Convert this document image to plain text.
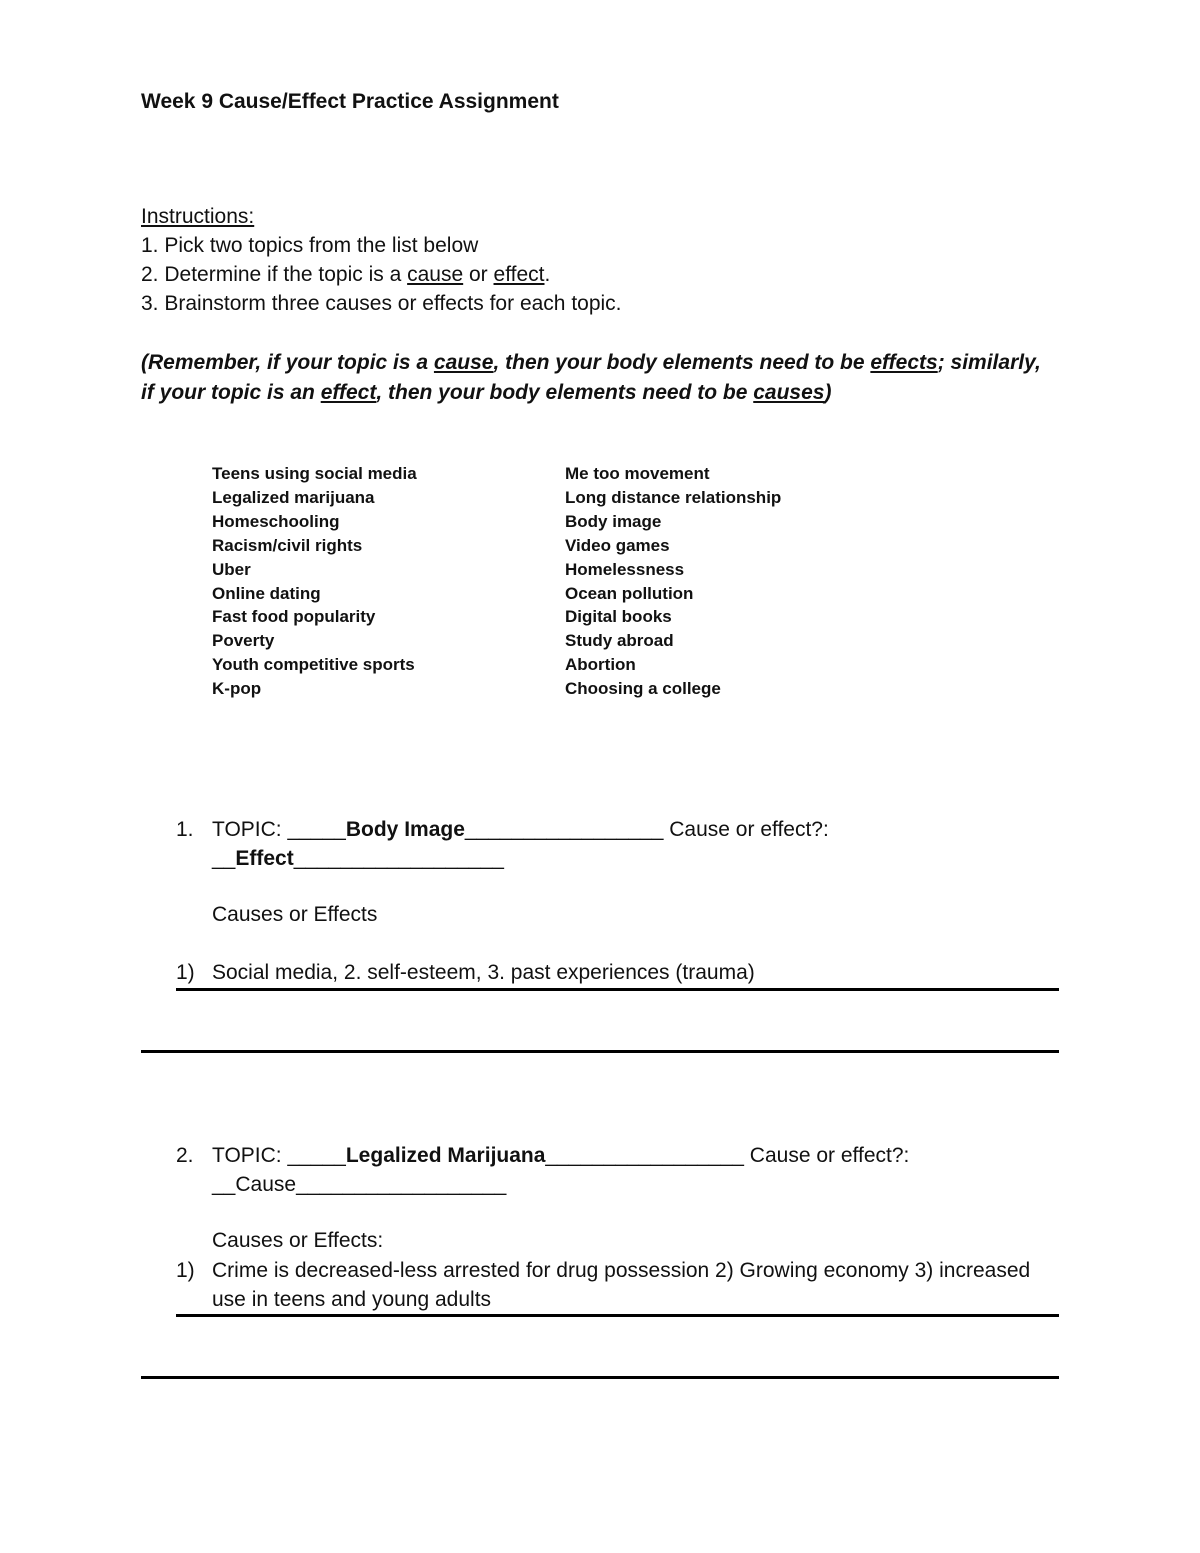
Week 9 Cause/Effect Practice Assignment
Instructions:
1. Pick two topics from the list below
2. Determine if the topic is a cause or effect.
3. Brainstorm three causes or effects for each topic.
(Remember, if your topic is a cause, then your body elements need to be effects; similarly, if your topic is an effect, then your body elements need to be causes)
Teens using social media
Legalized marijuana
Homeschooling
Racism/civil rights
Uber
Online dating
Fast food popularity
Poverty
Youth competitive sports
K-pop
Me too movement
Long distance relationship
Body image
Video games
Homelessness
Ocean pollution
Digital books
Study abroad
Abortion
Choosing a college
1. TOPIC: _____Body Image_________________ Cause or effect?:
__Effect__________________
Causes or Effects
1) Social media, 2. self-esteem, 3. past experiences (trauma)
2. TOPIC: _____Legalized Marijuana_________________ Cause or effect?:
__Cause__________________
Causes or Effects:
1) Crime is decreased-less arrested for drug possession 2) Growing economy 3) increased
use in teens and young adults
